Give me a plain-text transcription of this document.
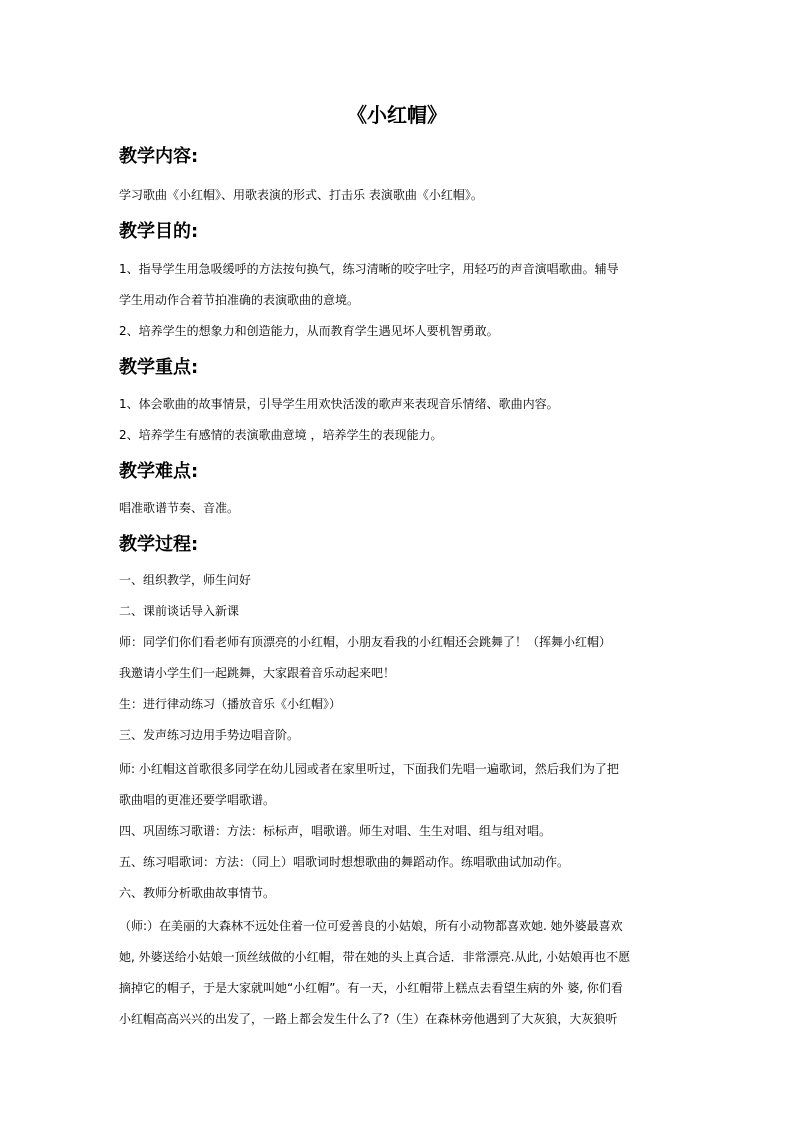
《小红帽》
教学内容:
学习歌曲《小红帽》、用歌表演的形式、打击乐 表演歌曲《小红帽》。
教学目的:
1、指导学生用急吸缓呼的方法按句换气，练习清晰的咬字吐字，用轻巧的声音演唱歌曲。辅导
学生用动作合着节拍准确的表演歌曲的意境。
2、培养学生的想象力和创造能力，从而教育学生遇见坏人要机智勇敢。
教学重点:
1、体会歌曲的故事情景，引导学生用欢快活泼的歌声来表现音乐情绪、歌曲内容。
2、培养学生有感情的表演歌曲意境 ，培养学生的表现能力。
教学难点:
唱准歌谱节奏、音准。
教学过程:
一、组织教学，师生问好
二、课前谈话导入新课
师：同学们你们看老师有顶漂亮的小红帽，小朋友看我的小红帽还会跳舞了！（挥舞小红帽）
我邀请小学生们一起跳舞，大家跟着音乐动起来吧！
生：进行律动练习（播放音乐《小红帽》）
三、发声练习边用手势边唱音阶。
师: 小红帽这首歌很多同学在幼儿园或者在家里听过，下面我们先唱一遍歌词，然后我们为了把
歌曲唱的更准还要学唱歌谱。
四、巩固练习歌谱：方法：标标声，唱歌谱。师生对唱、生生对唱、组与组对唱。
五、练习唱歌词：方法：（同上）唱歌词时想想歌曲的舞蹈动作。练唱歌曲试加动作。
六、教师分析歌曲故事情节。
（师:）在美丽的大森林不远处住着一位可爱善良的小姑娘，所有小动物都喜欢她. 她外婆最喜欢
她, 外婆送给小姑娘一顶丝绒做的小红帽，带在她的头上真合适．非常漂亮.从此, 小姑娘再也不愿
摘掉它的帽子，于是大家就叫她“小红帽”。有一天，小红帽带上糕点去看望生病的外 婆, 你们看
小红帽高高兴兴的出发了，一路上都会发生什么了?（生）在森林旁他遇到了大灰狼，大灰狼听
